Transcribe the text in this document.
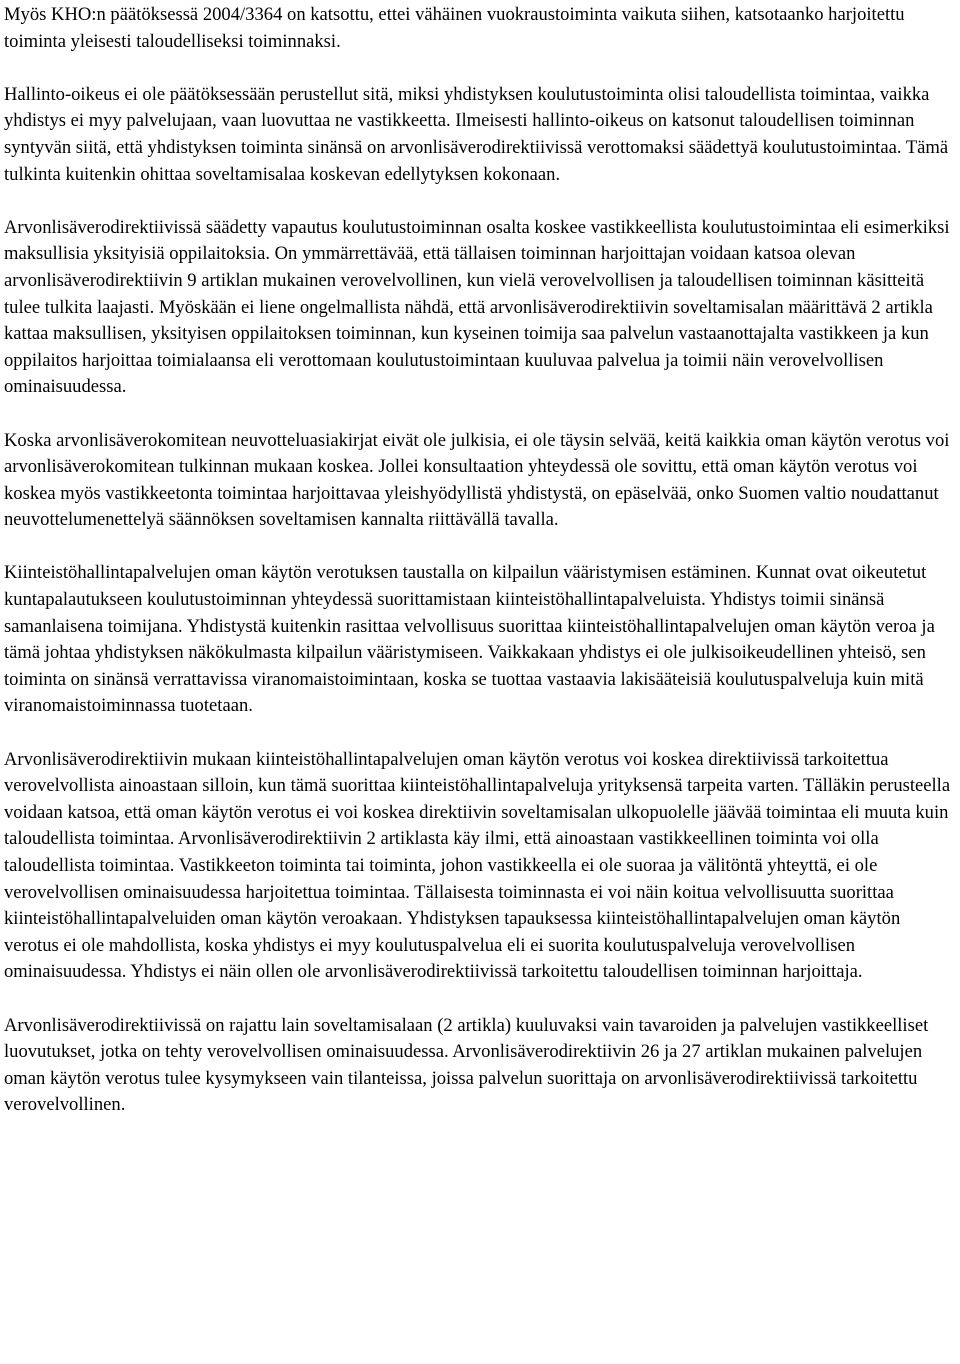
Myös KHO:n päätöksessä 2004/3364 on katsottu, ettei vähäinen vuokraustoiminta vaikuta siihen, katsotaanko harjoitettu toiminta yleisesti taloudelliseksi toiminnaksi.

Hallinto-oikeus ei ole päätöksessään perustellut sitä, miksi yhdistyksen koulutustoiminta olisi taloudellista toimintaa, vaikka yhdistys ei myy palvelujaan, vaan luovuttaa ne vastikkeetta. Ilmeisesti hallinto-oikeus on katsonut taloudellisen toiminnan syntyvän siitä, että yhdistyksen toiminta sinänsä on arvonlisäverodirektiivissä verottomaksi säädettyä koulutustoimintaa. Tämä tulkinta kuitenkin ohittaa soveltamisalaa koskevan edellytyksen kokonaan.

Arvonlisäverodirektiivissä säädetty vapautus koulutustoiminnan osalta koskee vastikkeellista koulutustoimintaa eli esimerkiksi maksullisia yksityisiä oppilaitoksia. On ymmärrettävää, että tällaisen toiminnan harjoittajan voidaan katsoa olevan arvonlisäverodirektiivin 9 artiklan mukainen verovelvollinen, kun vielä verovelvollisen ja taloudellisen toiminnan käsitteitä tulee tulkita laajasti. Myöskään ei liene ongelmallista nähdä, että arvonlisäverodirektiivin soveltamisalan määrittävä 2 artikla kattaa maksullisen, yksityisen oppilaitoksen toiminnan, kun kyseinen toimija saa palvelun vastaanottajalta vastikkeen ja kun oppilaitos harjoittaa toimialaansa eli verottomaan koulutustoimintaan kuuluvaa palvelua ja toimii näin verovelvollisen ominaisuudessa.

Koska arvonlisäverokomitean neuvotteluasiakirjat eivät ole julkisia, ei ole täysin selvää, keitä kaikkia oman käytön verotus voi arvonlisäverokomitean tulkinnan mukaan koskea. Jollei konsultaation yhteydessä ole sovittu, että oman käytön verotus voi koskea myös vastikkeetonta toimintaa harjoittavaa yleishyödyllistä yhdistystä, on epäselvää, onko Suomen valtio noudattanut neuvottelumenettelyä säännöksen soveltamisen kannalta riittävällä tavalla.

Kiinteistöhallintapalvelujen oman käytön verotuksen taustalla on kilpailun vääristymisen estäminen. Kunnat ovat oikeutetut kuntapalautukseen koulutustoiminnan yhteydessä suorittamistaan kiinteistöhallintapalveluista. Yhdistys toimii sinänsä samanlaisena toimijana. Yhdistystä kuitenkin rasittaa velvollisuus suorittaa kiinteistöhallintapalvelujen oman käytön veroa ja tämä johtaa yhdistyksen näkökulmasta kilpailun vääristymiseen. Vaikkakaan yhdistys ei ole julkisoikeudellinen yhteisö, sen toiminta on sinänsä verrattavissa viranomaistoimintaan, koska se tuottaa vastaavia lakisääteisiä koulutuspalveluja kuin mitä viranomaistoiminnassa tuotetaan.

Arvonlisäverodirektiivin mukaan kiinteistöhallintapalvelujen oman käytön verotus voi koskea direktiivissä tarkoitettua verovelvollista ainoastaan silloin, kun tämä suorittaa kiinteistöhallintapalveluja yrityksensä tarpeita varten. Tälläkin perusteella voidaan katsoa, että oman käytön verotus ei voi koskea direktiivin soveltamisalan ulkopuolelle jäävää toimintaa eli muuta kuin taloudellista toimintaa. Arvonlisäverodirektiivin 2 artiklasta käy ilmi, että ainoastaan vastikkeellinen toiminta voi olla taloudellista toimintaa. Vastikkeeton toiminta tai toiminta, johon vastikkeella ei ole suoraa ja välitöntä yhteyttä, ei ole verovelvollisen ominaisuudessa harjoitettua toimintaa. Tällaisesta toiminnasta ei voi näin koitua velvollisuutta suorittaa kiinteistöhallintapalveluiden oman käytön veroakaan. Yhdistyksen tapauksessa kiinteistöhallintapalvelujen oman käytön verotus ei ole mahdollista, koska yhdistys ei myy koulutuspalvelua eli ei suorita koulutuspalveluja verovelvollisen ominaisuudessa. Yhdistys ei näin ollen ole arvonlisäverodirektiivissä tarkoitettu taloudellisen toiminnan harjoittaja.

Arvonlisäverodirektiivissä on rajattu lain soveltamisalaan (2 artikla) kuuluvaksi vain tavaroiden ja palvelujen vastikkeelliset luovutukset, jotka on tehty verovelvollisen ominaisuudessa. Arvonlisäverodirektiivin 26 ja 27 artiklan mukainen palvelujen oman käytön verotus tulee kysymykseen vain tilanteissa, joissa palvelun suorittaja on arvonlisäverodirektiivissä tarkoitettu verovelvollinen.
